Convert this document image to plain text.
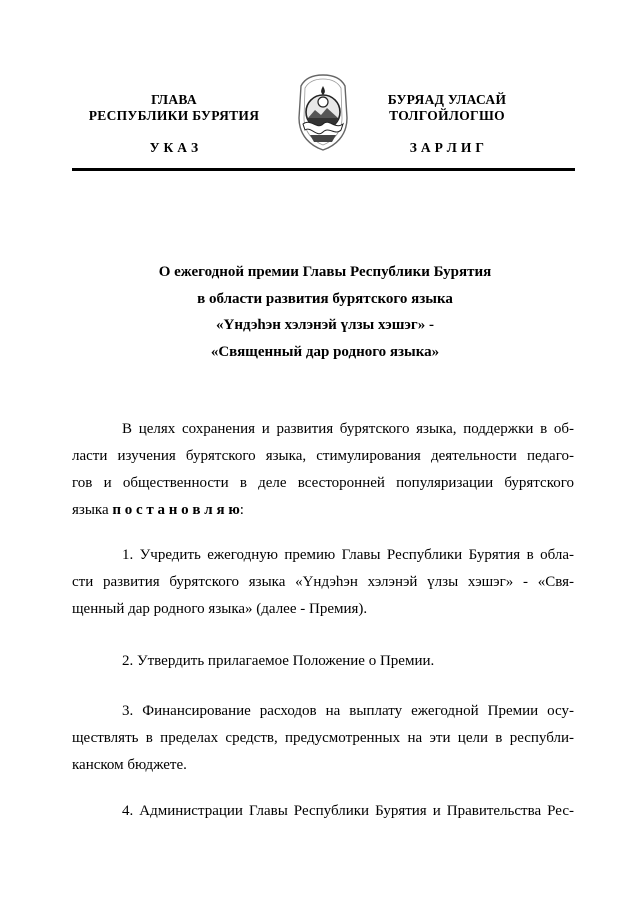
ГЛАВА
РЕСПУБЛИКИ БУРЯТИЯ
У К А З
БУРЯАД УЛАСАЙ
ТОЛГОЙЛОГШО
З А Р Л И Г
О ежегодной премии Главы Республики Бурятия
в области развития бурятского языка
«Үндэһэн хэлэнэй үлзы хэшэг» -
«Священный дар родного языка»
В целях сохранения и развития бурятского языка, поддержки в об-
ласти изучения бурятского языка, стимулирования деятельности педаго-
гов и общественности в деле всесторонней популяризации бурятского
языка п о с т а н о в л я ю:
1. Учредить ежегодную премию Главы Республики Бурятия в обла-
сти развития бурятского языка «Үндэһэн хэлэнэй үлзы хэшэг» - «Свя-
щенный дар родного языка» (далее - Премия).
2. Утвердить прилагаемое Положение о Премии.
3. Финансирование расходов на выплату ежегодной Премии осу-
ществлять в пределах средств, предусмотренных на эти цели в республи-
канском бюджете.
4. Администрации Главы Республики Бурятия и Правительства Рес-
